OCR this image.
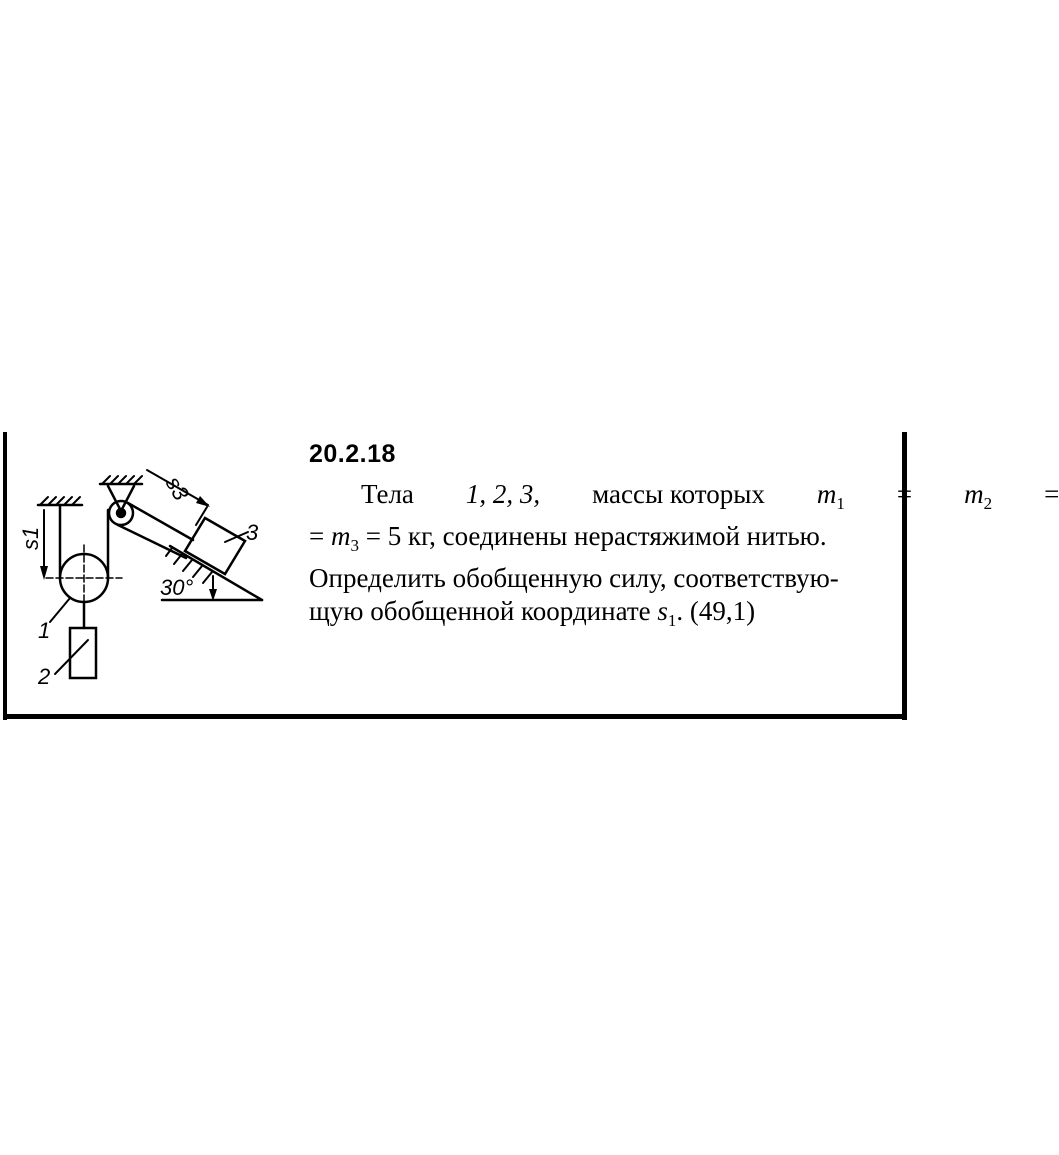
s1
s3
1
2
3
30°
20.2.18
Тела	1, 2, 3,	массы которых	$m_1$	=	$m_2$	=
= $m_3 = 5$ кг, соединены нерастяжимой нитью.
Определить обобщенную силу, соответствую-
щую обобщенной координате $s_1$. (49,1)
